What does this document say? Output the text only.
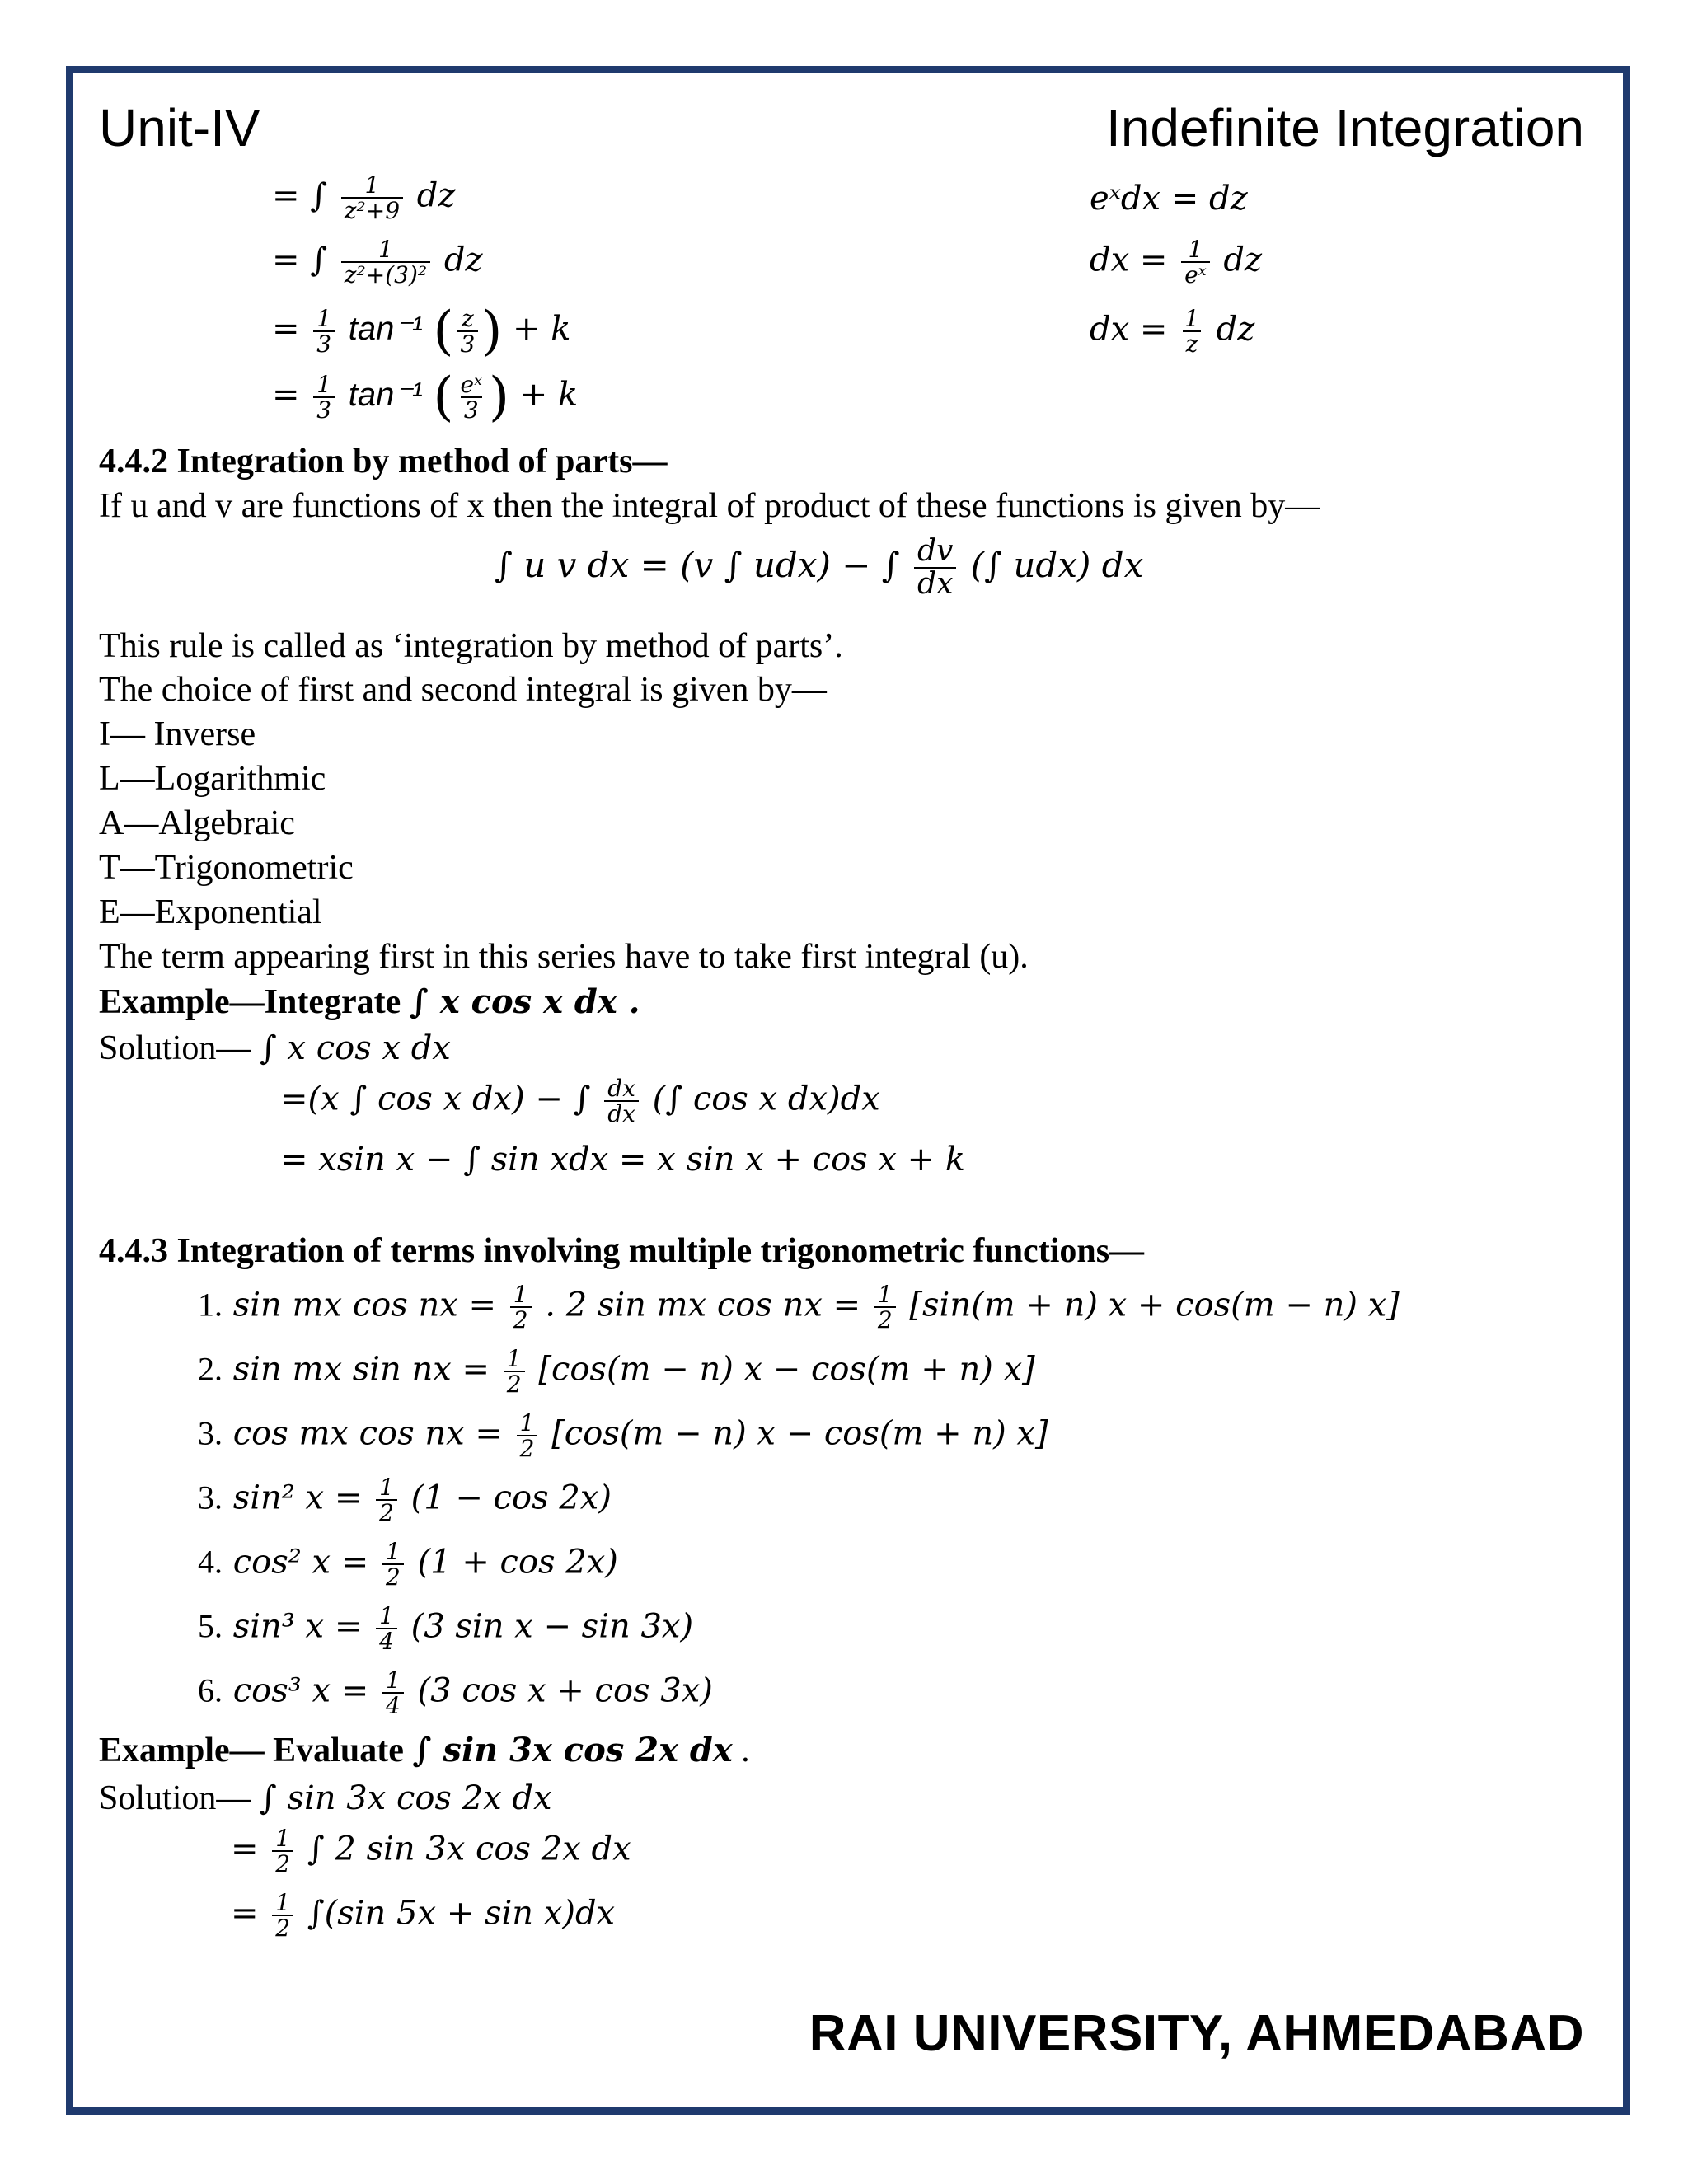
Unit-IV	Indefinite Integration
= ∫ $\frac{1}{\text{z²+9}}$ dz
= ∫ $\frac{1}{\text{z²+(3)²}}$ dz
= $\frac{1}{3} \tan^{-1}$ ( $\frac{z}{3}$ ) + k
= $\frac{1}{3} \tan^{-1}$ ( $\frac{\text{eˣ}}{3}$ ) + k
eˣdx = dz
dx = $\frac{1}{\text{eˣ}}$ dz
dx = $\frac{1}{z}$ dz
4.4.2 Integration by method of parts—
If u and v are functions of x then the integral of product of these functions is given by—
∫ u v dx = (v ∫ udx) − ∫ $\frac{dv}{dx}$ (∫ udx) dx
This rule is called as ‘integration by method of parts’.
The choice of first and second integral is given by—
I— Inverse
L—Logarithmic
A—Algebraic
T—Trigonometric
E—Exponential
The term appearing first in this series have to take first integral (u).
Example—Integrate ∫ x cos x dx .
Solution— ∫ x cos x dx
=(x ∫ cos x dx) − ∫ $\frac{dx}{dx}$ (∫ cos x dx)dx
= xsin x − ∫ sin xdx = x sin x + cos x + k
4.4.3 Integration of terms involving multiple trigonometric functions—
1. sin mx cos nx = $\frac{1}{2}$ . 2 sin mx cos nx = $\frac{1}{2} [\sin(m + n) x + \cos(m - n)$ x]
2. sin mx sin nx = $\frac{1}{2} [\cos(m - n) x - \cos(m + n)$ x]
3. cos mx cos nx = $\frac{1}{2} [\cos(m - n) x - \cos(m + n)$ x]
3. sin² $x = \frac{1}{2} (1 - \cos 2x)$
4. cos² $x = \frac{1}{2} (1 + \cos 2x)$
5. sin³ $x = \frac{1}{4} (3$ sin x − sin 3x)
6. cos³ $x = \frac{1}{4} (3$ cos x + cos 3x)
Example— Evaluate ∫ sin 3x cos 2x dx .
Solution— ∫ sin 3x cos 2x dx
= $\frac{1}{2}$ ∫ 2 sin 3x cos 2x dx
= $\frac{1}{2} \int(\sin$ 5x + sin x)dx
RAI UNIVERSITY, AHMEDABAD
